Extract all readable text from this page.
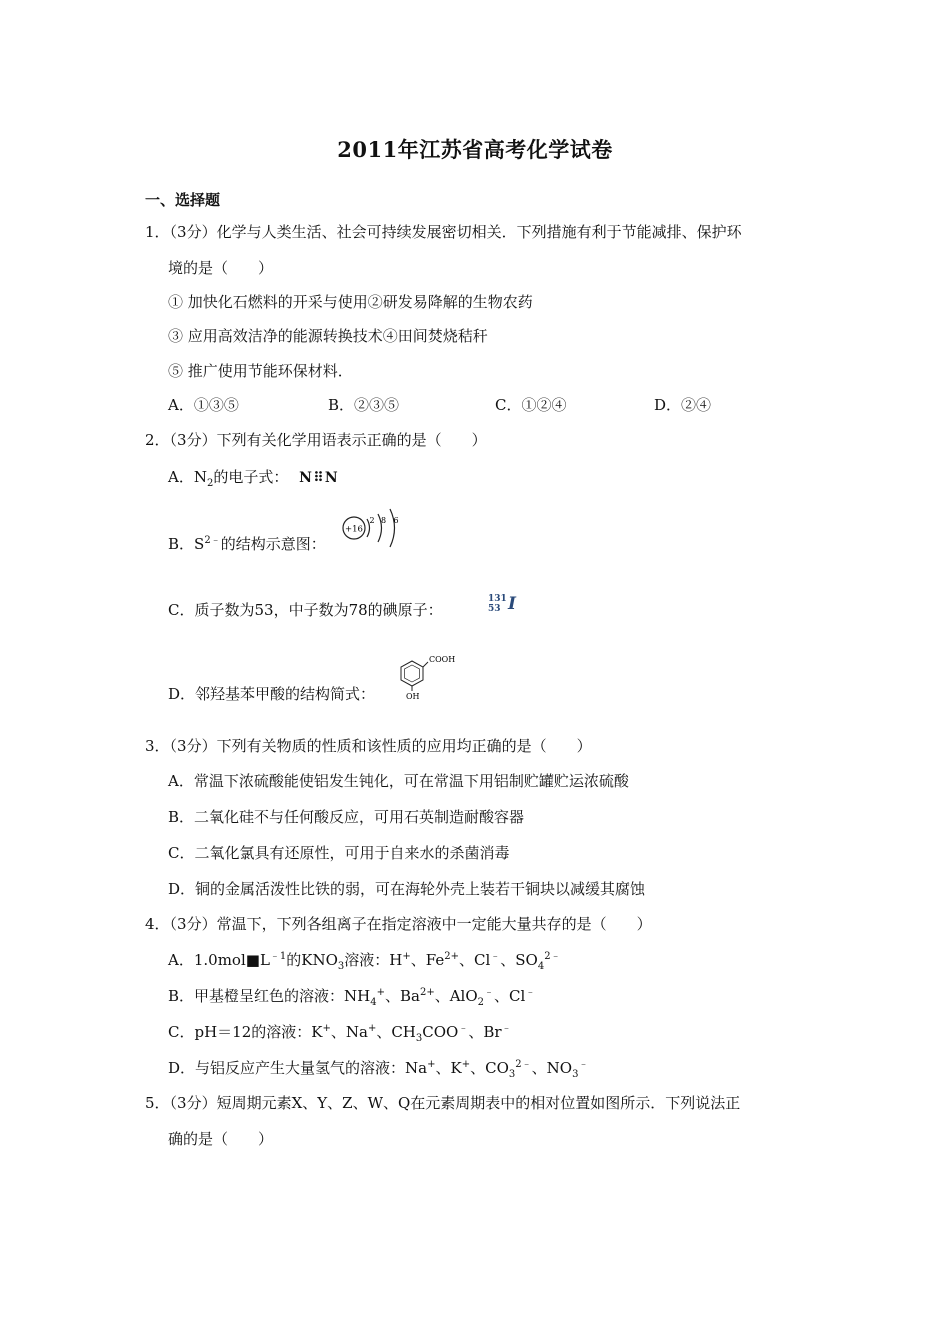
2011年江苏省高考化学试卷
一、选择题
1．（3分）化学与人类生活、社会可持续发展密切相关．下列措施有利于节能减排、保护环
境的是（　　）
① 加快化石燃料的开采与使用②研发易降解的生物农药
③ 应用高效洁净的能源转换技术④田间焚烧秸秆
⑤ 推广使用节能环保材料．
A．①③⑤	B．②③⑤	C．①②④	D．②④
2．（3分）下列有关化学用语表示正确的是（　　）
A．$N_2$的电子式： N⠿N
B．$S^{2﹣}$的结构示意图：
+16
2 8 6
C．质子数为53，中子数为78的碘原子：
131
53 I
D．邻羟基苯甲酸的结构简式：
COOH
OH
3．（3分）下列有关物质的性质和该性质的应用均正确的是（　　）
A．常温下浓硫酸能使铝发生钝化，可在常温下用铝制贮罐贮运浓硫酸
B．二氧化硅不与任何酸反应，可用石英制造耐酸容器
C．二氧化氯具有还原性，可用于自来水的杀菌消毒
D．铜的金属活泼性比铁的弱，可在海轮外壳上装若干铜块以减缓其腐蚀
4．（3分）常温下，下列各组离子在指定溶液中一定能大量共存的是（　　）
A．$1.0mol■L^{﹣1}$的$KNO_3$溶液：H+、$Fe^{2+}$、Cl﹣、$SO_4^{2﹣}$
B．甲基橙呈红色的溶液：$NH_4^+$、$Ba^{2+}$、AlO$_2$﹣、Cl﹣
C．pH＝12的溶液：K+、Na+、$CH_3COO^﹣$、Br﹣
D．与铝反应产生大量氢气的溶液：Na+、K+、$CO_3^{2﹣}$、$NO_3^﹣$
5．（3分）短周期元素X、Y、Z、W、Q在元素周期表中的相对位置如图所示．下列说法正
确的是（　　）
